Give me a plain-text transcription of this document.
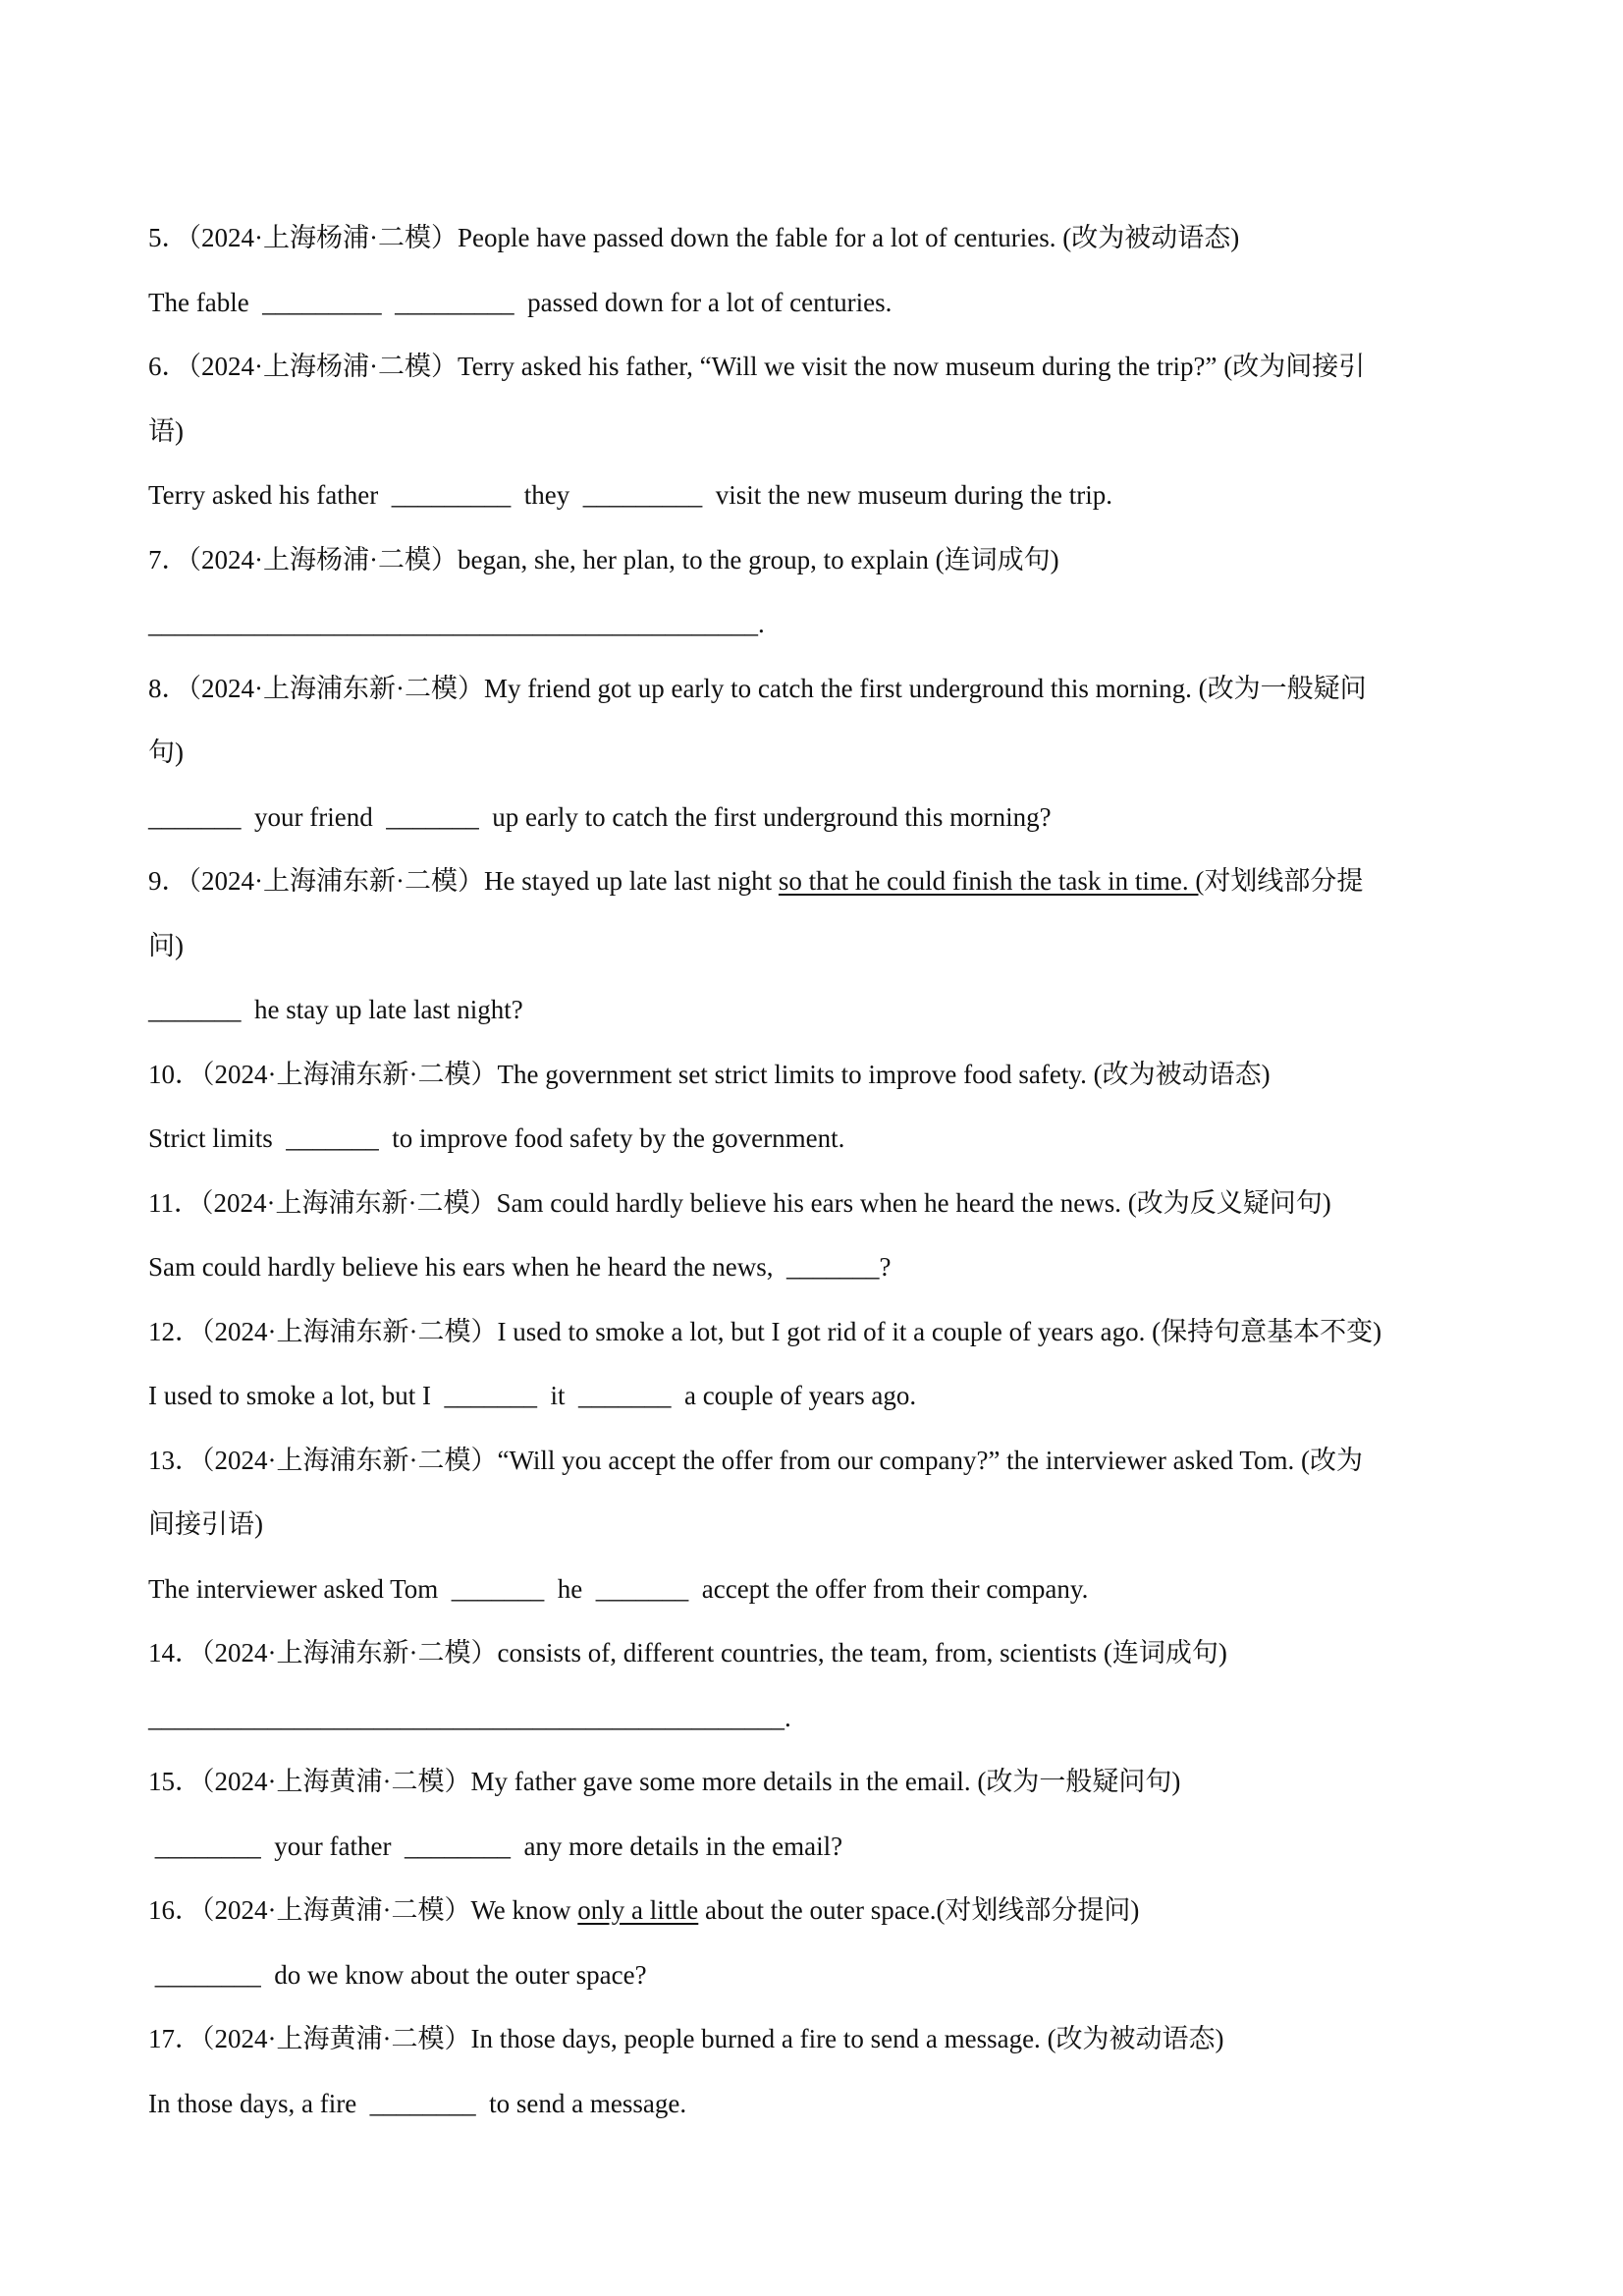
5．（2024·上海杨浦·二模）People have passed down the fable for a lot of centuries. (改为被动语态)
The fable  _________  _________  passed down for a lot of centuries.
6．（2024·上海杨浦·二模）Terry asked his father, “Will we visit the now museum during the trip?” (改为间接引
语)
Terry asked his father  _________  they  _________  visit the new museum during the trip.
7．（2024·上海杨浦·二模）began, she, her plan, to the group, to explain (连词成句)
______________________________________________.
8．（2024·上海浦东新·二模）My friend got up early to catch the first underground this morning. (改为一般疑问
句)
_______  your friend  _______  up early to catch the first underground this morning?
9．（2024·上海浦东新·二模）He stayed up late last night so that he could finish the task in time. (对划线部分提
问)
_______  he stay up late last night?
10．（2024·上海浦东新·二模）The government set strict limits to improve food safety. (改为被动语态)
Strict limits  _______  to improve food safety by the government.
11．（2024·上海浦东新·二模）Sam could hardly believe his ears when he heard the news. (改为反义疑问句)
Sam could hardly believe his ears when he heard the news,  _______?
12．（2024·上海浦东新·二模）I used to smoke a lot, but I got rid of it a couple of years ago. (保持句意基本不变)
I used to smoke a lot, but I  _______  it  _______  a couple of years ago.
13．（2024·上海浦东新·二模）“Will you accept the offer from our company?” the interviewer asked Tom. (改为
间接引语)
The interviewer asked Tom  _______  he  _______  accept the offer from their company.
14．（2024·上海浦东新·二模）consists of, different countries, the team, from, scientists (连词成句)
________________________________________________.
15．（2024·上海黄浦·二模）My father gave some more details in the email. (改为一般疑问句)
________  your father  ________  any more details in the email?
16．（2024·上海黄浦·二模）We know only a little about the outer space.(对划线部分提问)
________  do we know about the outer space?
17．（2024·上海黄浦·二模）In those days, people burned a fire to send a message. (改为被动语态)
In those days, a fire  ________  to send a message.
